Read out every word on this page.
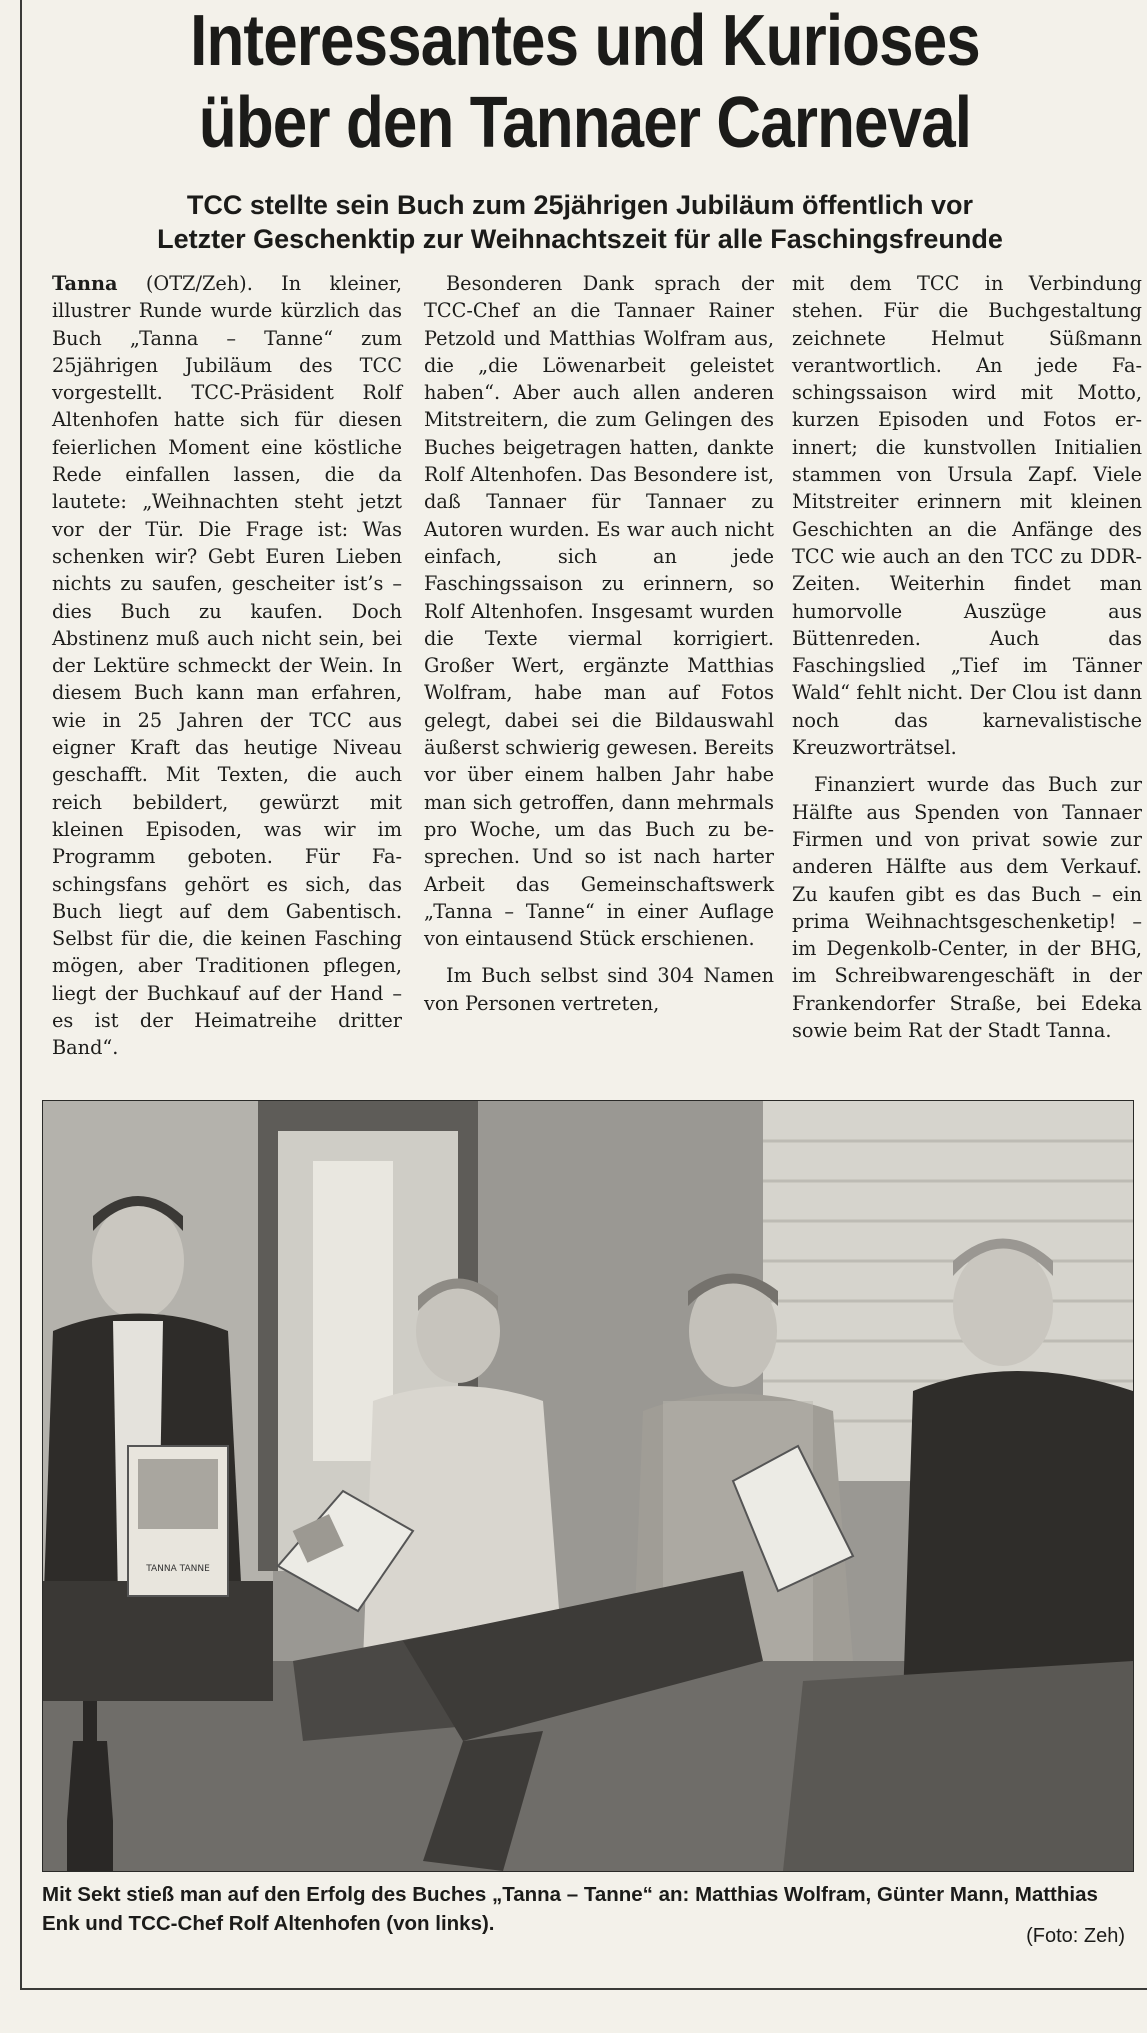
Interessantes und Kurioses
über den Tannaer Carneval
TCC stellte sein Buch zum 25jährigen Jubiläum öffentlich vor
Letzter Geschenktip zur Weihnachtszeit für alle Faschingsfreunde

Tanna (OTZ/Zeh). In kleiner, illustrer Runde wurde kürzlich das Buch „Tanna – Tanne“ zum 25jährigen Jubiläum des TCC vorgestellt. TCC-Präsident Rolf Altenhofen hatte sich für diesen feierlichen Moment eine köstliche Rede einfallen lassen, die da lautete: „Weihnachten steht jetzt vor der Tür. Die Frage ist: Was schenken wir? Gebt Euren Lieben nichts zu saufen, gescheiter ist’s – dies Buch zu kaufen. Doch Abstinenz muß auch nicht sein, bei der Lektüre schmeckt der Wein. In diesem Buch kann man erfahren, wie in 25 Jahren der TCC aus eigner Kraft das heutige Niveau geschafft. Mit Texten, die auch reich bebildert, gewürzt mit kleinen Episoden, was wir im Programm geboten. Für Faschingsfans gehört es sich, das Buch liegt auf dem Gabentisch. Selbst für die, die keinen Fasching mögen, aber Traditionen pflegen, liegt der Buchkauf auf der Hand – es ist der Heimatreihe dritter Band“.

Besonderen Dank sprach der TCC-Chef an die Tannaer Rainer Petzold und Matthias Wolfram aus, die „die Löwenarbeit geleistet haben“. Aber auch allen anderen Mitstreitern, die zum Gelingen des Buches beigetragen hatten, dankte Rolf Altenhofen. Das Besondere ist, daß Tannaer für Tannaer zu Autoren wurden. Es war auch nicht einfach, sich an jede Faschingssaison zu erinnern, so Rolf Altenhofen. Insgesamt wurden die Texte viermal korrigiert. Großer Wert, ergänzte Matthias Wolfram, habe man auf Fotos gelegt, dabei sei die Bildauswahl äußerst schwierig gewesen. Bereits vor über einem halben Jahr habe man sich getroffen, dann mehrmals pro Woche, um das Buch zu besprechen. Und so ist nach harter Arbeit das Gemeinschaftswerk „Tanna – Tanne“ in einer Auflage von eintausend Stück erschienen.

Im Buch selbst sind 304 Namen von Personen vertreten,

mit dem TCC in Verbindung stehen. Für die Buchgestaltung zeichnete Helmut Süßmann verantwortlich. An jede Faschingssaison wird mit Motto, kurzen Episoden und Fotos erinnert; die kunstvollen Initialien stammen von Ursula Zapf. Viele Mitstreiter erinnern mit kleinen Geschichten an die Anfänge des TCC wie auch an den TCC zu DDR-Zeiten. Weiterhin findet man humorvolle Auszüge aus Büttenreden. Auch das Faschingslied „Tief im Tänner Wald“ fehlt nicht. Der Clou ist dann noch das karnevalistische Kreuzworträtsel.

Finanziert wurde das Buch zur Hälfte aus Spenden von Tannaer Firmen und von privat sowie zur anderen Hälfte aus dem Verkauf. Zu kaufen gibt es das Buch – ein prima Weihnachtsgeschenketip! – im Degenkolb-Center, in der BHG, im Schreibwarengeschäft in der Frankendorfer Straße, bei Edeka sowie beim Rat der Stadt Tanna.

TANNA TANNE
Mit Sekt stieß man auf den Erfolg des Buches „Tanna – Tanne“ an: Matthias Wolfram, Günter Mann, Matthias Enk und TCC-Chef Rolf Altenhofen (von links).
(Foto: Zeh)
